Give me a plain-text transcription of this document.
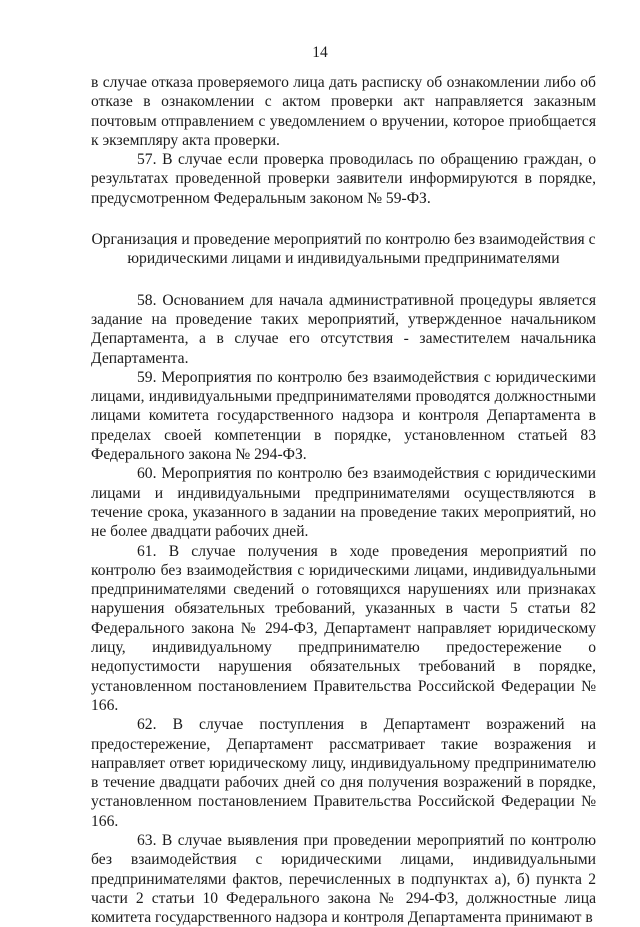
14

в случае отказа проверяемого лица дать расписку об ознакомлении либо об отказе в ознакомлении с актом проверки акт направляется заказным почтовым отправлением с уведомлением о вручении, которое приобщается к экземпляру акта проверки.

57. В случае если проверка проводилась по обращению граждан, о результатах проведенной проверки заявители информируются в порядке, предусмотренном Федеральным законом № 59-ФЗ.

Организация и проведение мероприятий по контролю без взаимодействия с
юридическими лицами и индивидуальными предпринимателями

58. Основанием для начала административной процедуры является задание на проведение таких мероприятий, утвержденное начальником Департамента, а в случае его отсутствия - заместителем начальника Департамента.

59. Мероприятия по контролю без взаимодействия с юридическими лицами, индивидуальными предпринимателями проводятся должностными лицами комитета государственного надзора и контроля Департамента в пределах своей компетенции в порядке, установленном статьей 83 Федерального закона № 294-ФЗ.

60. Мероприятия по контролю без взаимодействия с юридическими лицами и индивидуальными предпринимателями осуществляются в течение срока, указанного в задании на проведение таких мероприятий, но не более двадцати рабочих дней.

61. В случае получения в ходе проведения мероприятий по контролю без взаимодействия с юридическими лицами, индивидуальными предпринимателями сведений о готовящихся нарушениях или признаках нарушения обязательных требований, указанных в части 5 статьи 82 Федерального закона № 294-ФЗ, Департамент направляет юридическому лицу, индивидуальному предпринимателю предостережение о недопустимости нарушения обязательных требований в порядке, установленном постановлением Правительства Российской Федерации № 166.

62. В случае поступления в Департамент возражений на предостережение, Департамент рассматривает такие возражения и направляет ответ юридическому лицу, индивидуальному предпринимателю в течение двадцати рабочих дней со дня получения возражений в порядке, установленном постановлением Правительства Российской Федерации № 166.

63. В случае выявления при проведении мероприятий по контролю без взаимодействия с юридическими лицами, индивидуальными предпринимателями фактов, перечисленных в подпунктах а), б) пункта 2 части 2 статьи 10 Федерального закона № 294-ФЗ, должностные лица комитета государственного надзора и контроля Департамента принимают в
